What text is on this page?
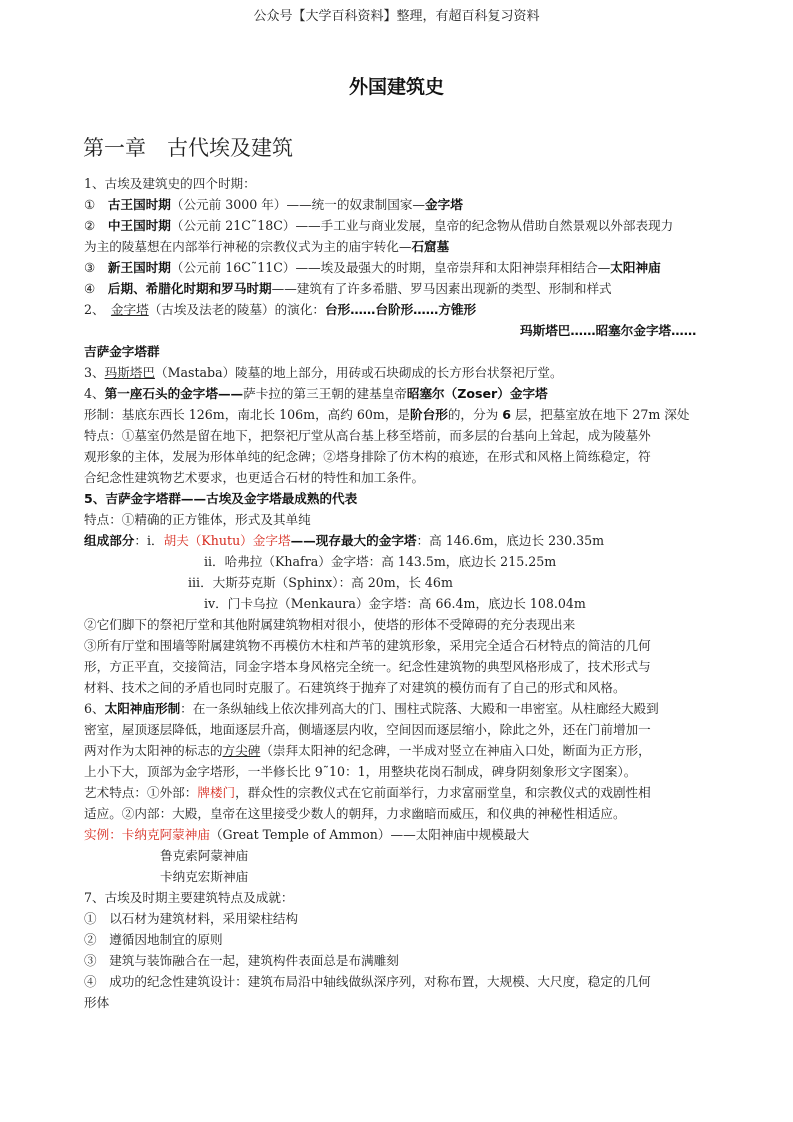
公众号【大学百科资料】整理，有超百科复习资料
外国建筑史
第一章　古代埃及建筑
1、古埃及建筑史的四个时期：
①　古王国时期（公元前 3000 年）——统一的奴隶制国家—金字塔
②　中王国时期（公元前 21C˜18C）——手工业与商业发展，皇帝的纪念物从借助自然景观以外部表现力
为主的陵墓想在内部举行神秘的宗教仪式为主的庙宇转化—石窟墓
③　新王国时期（公元前 16C˜11C）——埃及最强大的时期，皇帝崇拜和太阳神崇拜相结合—太阳神庙
④　后期、希腊化时期和罗马时期——建筑有了许多希腊、罗马因素出现新的类型、形制和样式
2、　金字塔（古埃及法老的陵墓）的演化：台形……台阶形……方锥形
玛斯塔巴……昭塞尔金字塔……
吉萨金字塔群
3、玛斯塔巴（Mastaba）陵墓的地上部分，用砖或石块砌成的长方形台状祭祀厅堂。
4、第一座石头的金字塔——萨卡拉的第三王朝的建基皇帝昭塞尔（Zoser）金字塔
形制：基底东西长 126m，南北长 106m，高约 60m，是阶台形的，分为 6 层，把墓室放在地下 27m 深处
特点：①墓室仍然是留在地下，把祭祀厅堂从高台基上移至塔前，而多层的台基向上耸起，成为陵墓外
观形象的主体，发展为形体单纯的纪念碑；②塔身排除了仿木构的痕迹，在形式和风格上简练稳定，符
合纪念性建筑物艺术要求，也更适合石材的特性和加工条件。
5、吉萨金字塔群——古埃及金字塔最成熟的代表
特点：①精确的正方锥体，形式及其单纯
组成部分：i．胡夫（Khutu）金字塔——现存最大的金字塔：高 146.6m，底边长 230.35m
ii．哈弗拉（Khafra）金字塔：高 143.5m，底边长 215.25m
iii．大斯芬克斯（Sphinx）：高 20m，长 46m
iv．门卡乌拉（Menkaura）金字塔：高 66.4m，底边长 108.04m
②它们脚下的祭祀厅堂和其他附属建筑物相对很小，使塔的形体不受障碍的充分表现出来
③所有厅堂和围墙等附属建筑物不再模仿木柱和芦苇的建筑形象，采用完全适合石材特点的简洁的几何
形，方正平直，交接简洁，同金字塔本身风格完全统一。纪念性建筑物的典型风格形成了，技术形式与
材料、技术之间的矛盾也同时克服了。石建筑终于抛弃了对建筑的模仿而有了自己的形式和风格。
6、太阳神庙形制：在一条纵轴线上依次排列高大的门、围柱式院落、大殿和一串密室。从柱廊经大殿到
密室，屋顶逐层降低，地面逐层升高，侧墙逐层内收，空间因而逐层缩小，除此之外，还在门前增加一
两对作为太阳神的标志的方尖碑（崇拜太阳神的纪念碑，一半成对竖立在神庙入口处，断面为正方形，
上小下大，顶部为金字塔形，一半修长比 9˜10：1，用整块花岗石制成，碑身阴刻象形文字图案）。
艺术特点：①外部：牌楼门，群众性的宗教仪式在它前面举行，力求富丽堂皇，和宗教仪式的戏剧性相
适应。②内部：大殿，皇帝在这里接受少数人的朝拜，力求幽暗而威压，和仪典的神秘性相适应。
实例：卡纳克阿蒙神庙（Great Temple of Ammon）——太阳神庙中规模最大
鲁克索阿蒙神庙
卡纳克宏斯神庙
7、古埃及时期主要建筑特点及成就：
①　以石材为建筑材料，采用梁柱结构
②　遵循因地制宜的原则
③　建筑与装饰融合在一起，建筑构件表面总是布满雕刻
④　成功的纪念性建筑设计：建筑布局沿中轴线做纵深序列，对称布置，大规模、大尺度，稳定的几何
形体
